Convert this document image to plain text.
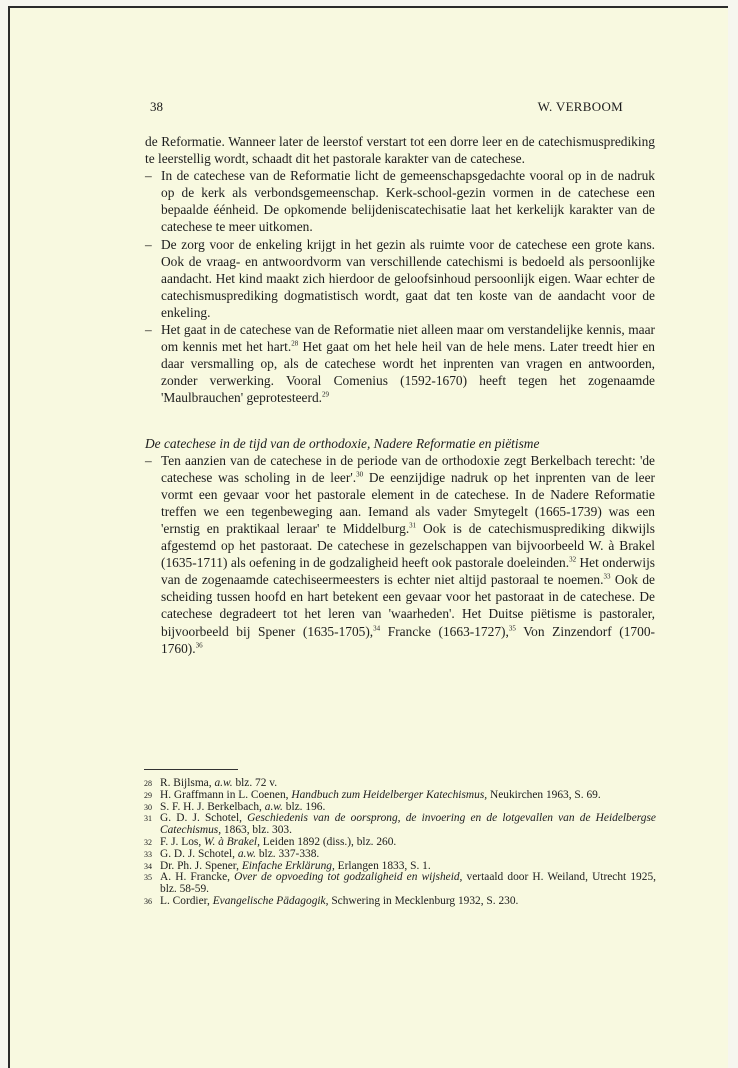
38	W. VERBOOM

de Reformatie. Wanneer later de leerstof verstart tot een dorre leer en de catechismusprediking te leerstellig wordt, schaadt dit het pastorale karakter van de catechese.

– In de catechese van de Reformatie licht de gemeenschapsgedachte vooral op in de nadruk op de kerk als verbondsgemeenschap. Kerk-school-gezin vormen in de catechese een bepaalde éénheid. De opkomende belijdeniscatechisatie laat het kerkelijk karakter van de catechese te meer uitkomen.
– De zorg voor de enkeling krijgt in het gezin als ruimte voor de catechese een grote kans. Ook de vraag- en antwoordvorm van verschillende catechismi is bedoeld als persoonlijke aandacht. Het kind maakt zich hierdoor de geloofsinhoud persoonlijk eigen. Waar echter de catechismusprediking dogmatistisch wordt, gaat dat ten koste van de aandacht voor de enkeling.
– Het gaat in de catechese van de Reformatie niet alleen maar om verstandelijke kennis, maar om kennis met het hart.$^{28}$ Het gaat om het hele heil van de hele mens. Later treedt hier en daar versmalling op, als de catechese wordt het inprenten van vragen en antwoorden, zonder verwerking. Vooral Comenius (1592-1670) heeft tegen het zogenaamde 'Maulbrauchen' geprotesteerd.$^{29}$

De catechese in de tijd van de orthodoxie, Nadere Reformatie en piëtisme

– Ten aanzien van de catechese in de periode van de orthodoxie zegt Berkelbach terecht: 'de catechese was scholing in de leer'.$^{30}$ De eenzijdige nadruk op het inprenten van de leer vormt een gevaar voor het pastorale element in de catechese. In de Nadere Reformatie treffen we een tegenbeweging aan. Iemand als vader Smytegelt (1665-1739) was een 'ernstig en praktikaal leraar' te Middelburg.$^{31}$ Ook is de catechismusprediking dikwijls afgestemd op het pastoraat. De catechese in gezelschappen van bijvoorbeeld W. à Brakel (1635-1711) als oefening in de godzaligheid heeft ook pastorale doeleinden.$^{32}$ Het onderwijs van de zogenaamde catechiseermeesters is echter niet altijd pastoraal te noemen.$^{33}$ Ook de scheiding tussen hoofd en hart betekent een gevaar voor het pastoraat in de catechese. De catechese degradeert tot het leren van 'waarheden'. Het Duitse piëtisme is pastoraler, bijvoorbeeld bij Spener (1635-1705),$^{34}$ Francke (1663-1727),$^{35}$ Von Zinzendorf (1700-1760).$^{36}$
28 R. Bijlsma, a.w. blz. 72 v.
29 H. Graffmann in L. Coenen, Handbuch zum Heidelberger Katechismus, Neukirchen 1963, S. 69.
30 S. F. H. J. Berkelbach, a.w. blz. 196.
31 G. D. J. Schotel, Geschiedenis van de oorsprong, de invoering en de lotgevallen van de Heidelbergse Catechismus, 1863, blz. 303.
32 F. J. Los, W. à Brakel, Leiden 1892 (diss.), blz. 260.
33 G. D. J. Schotel, a.w. blz. 337-338.
34 Dr. Ph. J. Spener, Einfache Erklärung, Erlangen 1833, S. 1.
35 A. H. Francke, Over de opvoeding tot godzaligheid en wijsheid, vertaald door H. Weiland, Utrecht 1925, blz. 58-59.
36 L. Cordier, Evangelische Pädagogik, Schwering in Mecklenburg 1932, S. 230.
